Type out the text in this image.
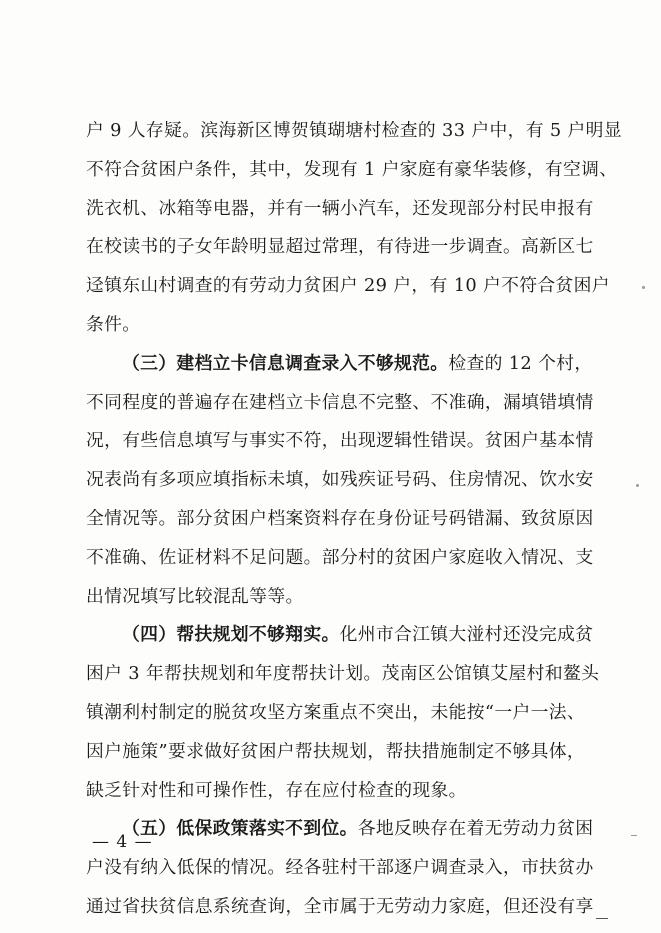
户 9 人存疑。滨海新区博贺镇瑚塘村检查的 33 户中，有 5 户明显
不符合贫困户条件，其中，发现有 1 户家庭有豪华装修，有空调、
洗衣机、冰箱等电器，并有一辆小汽车，还发现部分村民申报有
在校读书的子女年龄明显超过常理，有待进一步调查。高新区七
迳镇东山村调查的有劳动力贫困户 29 户，有 10 户不符合贫困户
条件。
（三）建档立卡信息调查录入不够规范。检查的 12 个村，
不同程度的普遍存在建档立卡信息不完整、不准确，漏填错填情
况，有些信息填写与事实不符，出现逻辑性错误。贫困户基本情
况表尚有多项应填指标未填，如残疾证号码、住房情况、饮水安
全情况等。部分贫困户档案资料存在身份证号码错漏、致贫原因
不准确、佐证材料不足问题。部分村的贫困户家庭收入情况、支
出情况填写比较混乱等等。
（四）帮扶规划不够翔实。化州市合江镇大湴村还没完成贫
困户 3 年帮扶规划和年度帮扶计划。茂南区公馆镇艾屋村和鳌头
镇潮利村制定的脱贫攻坚方案重点不突出，未能按“一户一法、
因户施策”要求做好贫困户帮扶规划，帮扶措施制定不够具体，
缺乏针对性和可操作性，存在应付检查的现象。
（五）低保政策落实不到位。各地反映存在着无劳动力贫困
户没有纳入低保的情况。经各驻村干部逐户调查录入，市扶贫办
通过省扶贫信息系统查询，全市属于无劳动力家庭，但还没有享
— 4 —
